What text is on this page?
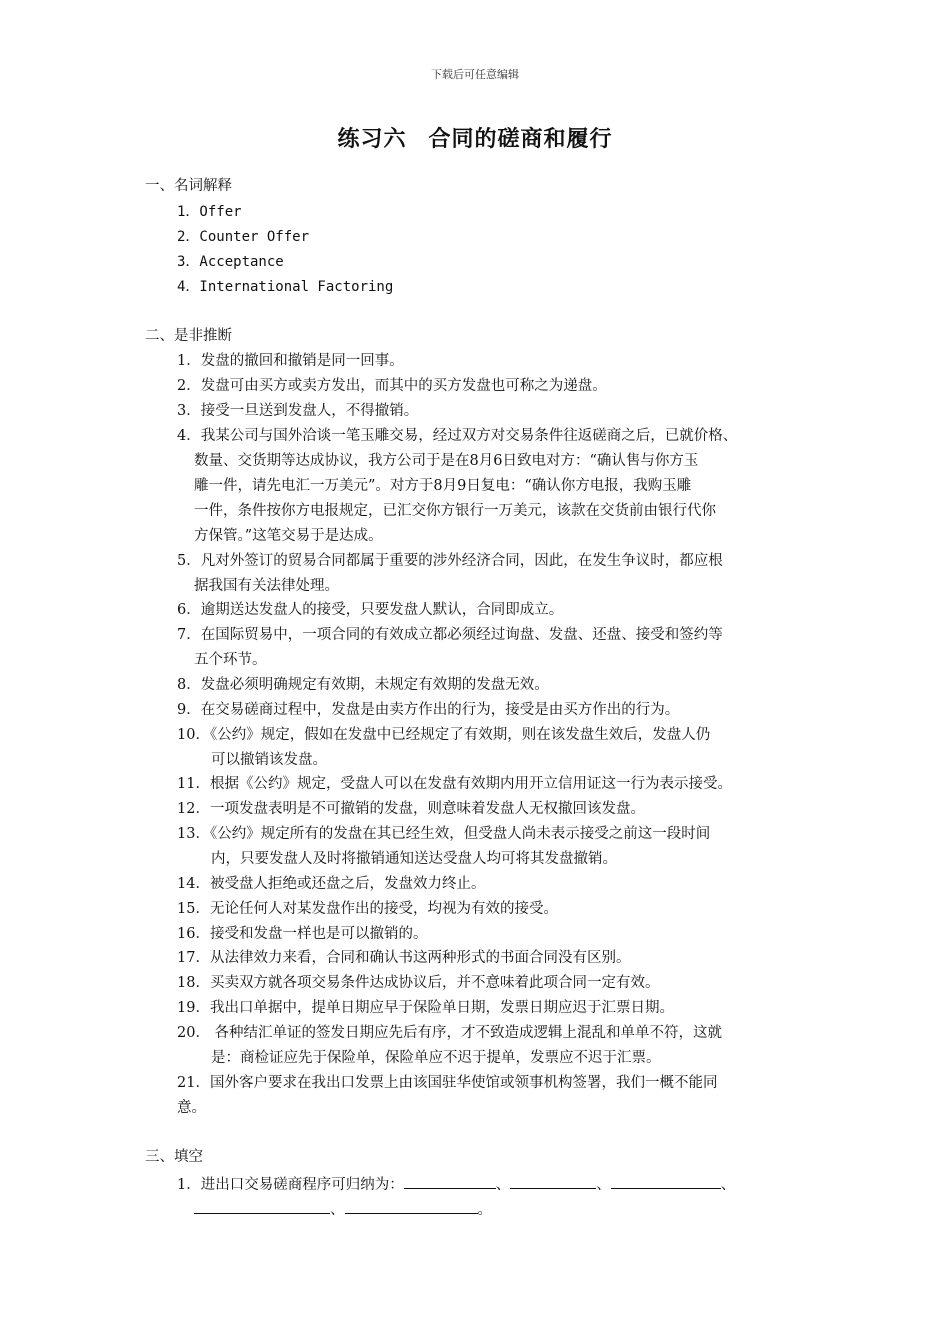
下载后可任意编辑
练习六 合同的磋商和履行
一、名词解释
1．Offer
2．Counter Offer
3．Acceptance
4．International Factoring
二、是非推断
1．发盘的撤回和撤销是同一回事。
2．发盘可由买方或卖方发出，而其中的买方发盘也可称之为递盘。
3．接受一旦送到发盘人，不得撤销。
4．我某公司与国外洽谈一笔玉雕交易，经过双方对交易条件往返磋商之后，已就价格、
数量、交货期等达成协议，我方公司于是在8月6日致电对方：“确认售与你方玉
雕一件，请先电汇一万美元”。对方于8月9日复电：“确认你方电报，我购玉雕
一件，条件按你方电报规定，已汇交你方银行一万美元，该款在交货前由银行代你
方保管。”这笔交易于是达成。
5．凡对外签订的贸易合同都属于重要的涉外经济合同，因此，在发生争议时，都应根
据我国有关法律处理。
6．逾期送达发盘人的接受，只要发盘人默认，合同即成立。
7．在国际贸易中，一项合同的有效成立都必须经过询盘、发盘、还盘、接受和签约等
五个环节。
8．发盘必须明确规定有效期，未规定有效期的发盘无效。
9．在交易磋商过程中，发盘是由卖方作出的行为，接受是由买方作出的行为。
10．《公约》规定，假如在发盘中已经规定了有效期，则在该发盘生效后，发盘人仍
可以撤销该发盘。
11．根据《公约》规定，受盘人可以在发盘有效期内用开立信用证这一行为表示接受。
12．一项发盘表明是不可撤销的发盘，则意味着发盘人无权撤回该发盘。
13．《公约》规定所有的发盘在其已经生效，但受盘人尚未表示接受之前这一段时间
内，只要发盘人及时将撤销通知送达受盘人均可将其发盘撤销。
14．被受盘人拒绝或还盘之后，发盘效力终止。
15．无论任何人对某发盘作出的接受，均视为有效的接受。
16．接受和发盘一样也是可以撤销的。
17．从法律效力来看，合同和确认书这两种形式的书面合同没有区别。
18．买卖双方就各项交易条件达成协议后，并不意味着此项合同一定有效。
19．我出口单据中，提单日期应早于保险单日期，发票日期应迟于汇票日期。
20． 各种结汇单证的签发日期应先后有序，才不致造成逻辑上混乱和单单不符，这就
是：商检证应先于保险单，保险单应不迟于提单，发票应不迟于汇票。
21．国外客户要求在我出口发票上由该国驻华使馆或领事机构签署，我们一概不能同
意。
三、填空
1．进出口交易磋商程序可归纳为：	、	、	、
、	。
